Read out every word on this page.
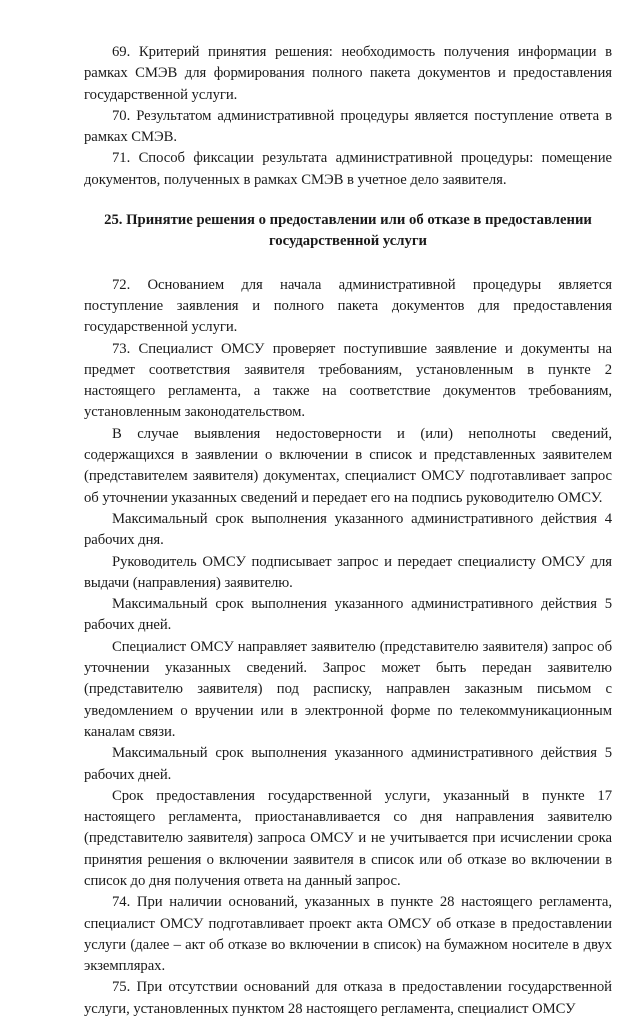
69. Критерий принятия решения: необходимость получения информации в рамках СМЭВ для формирования полного пакета документов и предоставления государственной услуги.

70. Результатом административной процедуры является поступление ответа в рамках СМЭВ.

71. Способ фиксации результата административной процедуры: помещение документов, полученных в рамках СМЭВ в учетное дело заявителя.

25. Принятие решения о предоставлении или об отказе в предоставлении государственной услуги

72. Основанием для начала административной процедуры является поступление заявления и полного пакета документов для предоставления государственной услуги.

73. Специалист ОМСУ проверяет поступившие заявление и документы на предмет соответствия заявителя требованиям, установленным в пункте 2 настоящего регламента, а также на соответствие документов требованиям, установленным законодательством.

В случае выявления недостоверности и (или) неполноты сведений, содержащихся в заявлении о включении в список и представленных заявителем (представителем заявителя) документах, специалист ОМСУ подготавливает запрос об уточнении указанных сведений и передает его на подпись руководителю ОМСУ.

Максимальный срок выполнения указанного административного действия 4 рабочих дня.

Руководитель ОМСУ подписывает запрос и передает специалисту ОМСУ для выдачи (направления) заявителю.

Максимальный срок выполнения указанного административного действия 5 рабочих дней.

Специалист ОМСУ направляет заявителю (представителю заявителя) запрос об уточнении указанных сведений. Запрос может быть передан заявителю (представителю заявителя) под расписку, направлен заказным письмом с уведомлением о вручении или в электронной форме по телекоммуникационным каналам связи.

Максимальный срок выполнения указанного административного действия 5 рабочих дней.

Срок предоставления государственной услуги, указанный в пункте 17 настоящего регламента, приостанавливается со дня направления заявителю (представителю заявителя) запроса ОМСУ и не учитывается при исчислении срока принятия решения о включении заявителя в список или об отказе во включении в список до дня получения ответа на данный запрос.

74. При наличии оснований, указанных в пункте 28 настоящего регламента, специалист ОМСУ подготавливает проект акта ОМСУ об отказе в предоставлении услуги (далее – акт об отказе во включении в список) на бумажном носителе в двух экземплярах.

75. При отсутствии оснований для отказа в предоставлении государственной услуги, установленных пунктом 28 настоящего регламента, специалист ОМСУ
